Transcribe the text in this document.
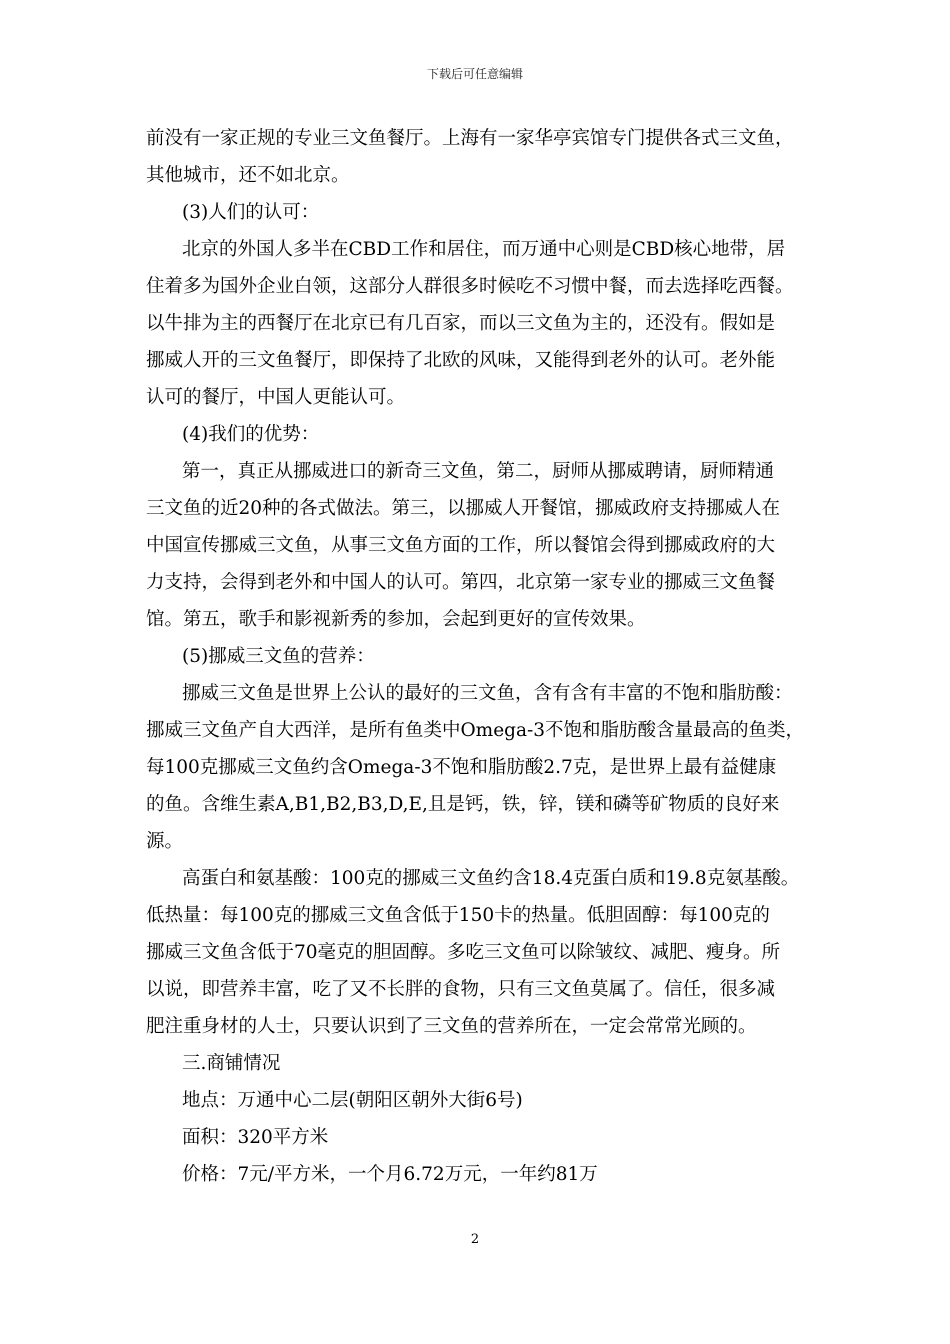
下载后可任意编辑
前没有一家正规的专业三文鱼餐厅。上海有一家华亭宾馆专门提供各式三文鱼，
其他城市，还不如北京。
(3)人们的认可：
北京的外国人多半在CBD工作和居住，而万通中心则是CBD核心地带，居
住着多为国外企业白领，这部分人群很多时候吃不习惯中餐，而去选择吃西餐。
以牛排为主的西餐厅在北京已有几百家，而以三文鱼为主的，还没有。假如是
挪威人开的三文鱼餐厅，即保持了北欧的风味，又能得到老外的认可。老外能
认可的餐厅，中国人更能认可。
(4)我们的优势：
第一，真正从挪威进口的新奇三文鱼，第二，厨师从挪威聘请，厨师精通
三文鱼的近20种的各式做法。第三，以挪威人开餐馆，挪威政府支持挪威人在
中国宣传挪威三文鱼，从事三文鱼方面的工作，所以餐馆会得到挪威政府的大
力支持，会得到老外和中国人的认可。第四，北京第一家专业的挪威三文鱼餐
馆。第五，歌手和影视新秀的参加，会起到更好的宣传效果。
(5)挪威三文鱼的营养：
挪威三文鱼是世界上公认的最好的三文鱼，含有含有丰富的不饱和脂肪酸：
挪威三文鱼产自大西洋，是所有鱼类中Omega-3不饱和脂肪酸含量最高的鱼类，
每100克挪威三文鱼约含Omega-3不饱和脂肪酸2.7克，是世界上最有益健康
的鱼。含维生素A,B1,B2,B3,D,E,且是钙，铁，锌，镁和磷等矿物质的良好来
源。
高蛋白和氨基酸：100克的挪威三文鱼约含18.4克蛋白质和19.8克氨基酸。
低热量：每100克的挪威三文鱼含低于150卡的热量。低胆固醇：每100克的
挪威三文鱼含低于70毫克的胆固醇。多吃三文鱼可以除皱纹、减肥、瘦身。所
以说，即营养丰富，吃了又不长胖的食物，只有三文鱼莫属了。信任，很多减
肥注重身材的人士，只要认识到了三文鱼的营养所在，一定会常常光顾的。
三.商铺情况
地点：万通中心二层(朝阳区朝外大街6号)
面积：320平方米
价格：7元/平方米，一个月6.72万元，一年约81万
2
